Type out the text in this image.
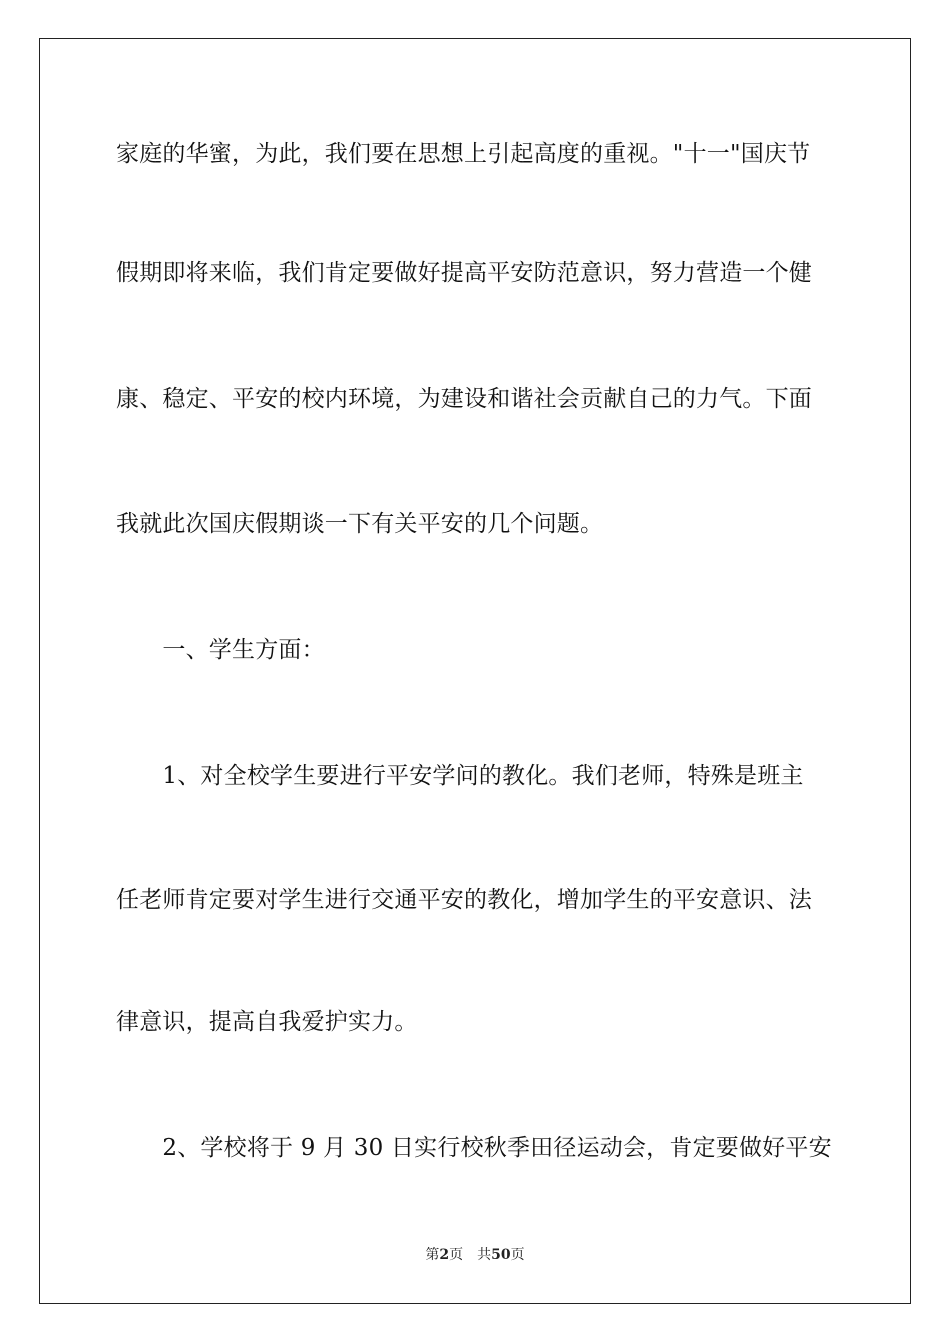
家庭的华蜜，为此，我们要在思想上引起高度的重视。"十一"国庆节
假期即将来临，我们肯定要做好提高平安防范意识，努力营造一个健
康、稳定、平安的校内环境，为建设和谐社会贡献自己的力气。下面
我就此次国庆假期谈一下有关平安的几个问题。
　　一、学生方面：
　　1、对全校学生要进行平安学问的教化。我们老师，特殊是班主
任老师肯定要对学生进行交通平安的教化，增加学生的平安意识、法
律意识，提高自我爱护实力。
　　2、学校将于 9 月 30 日实行校秋季田径运动会，肯定要做好平安
第2页　共50页
